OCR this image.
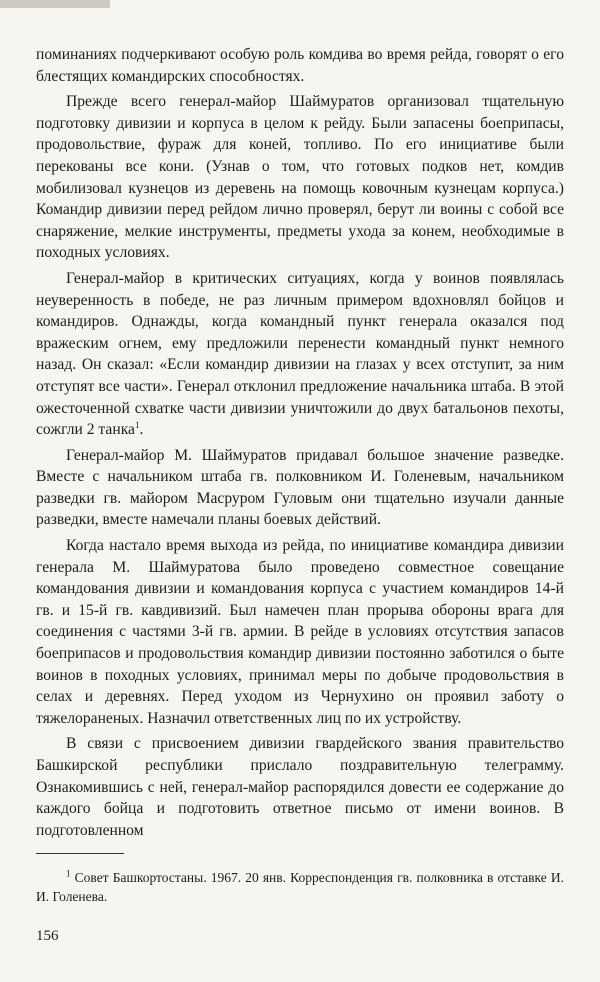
поминаниях подчеркивают особую роль комдива во время рейда, говорят о его блестящих командирских способностях.

Прежде всего генерал-майор Шаймуратов организовал тщательную подготовку дивизии и корпуса в целом к рейду. Были запасены боеприпасы, продовольствие, фураж для коней, топливо. По его инициативе были перекованы все кони. (Узнав о том, что готовых подков нет, комдив мобилизовал кузнецов из деревень на помощь ковочным кузнецам корпуса.) Командир дивизии перед рейдом лично проверял, берут ли воины с собой все снаряжение, мелкие инструменты, предметы ухода за конем, необходимые в походных условиях.

Генерал-майор в критических ситуациях, когда у воинов появлялась неуверенность в победе, не раз личным примером вдохновлял бойцов и командиров. Однажды, когда командный пункт генерала оказался под вражеским огнем, ему предложили перенести командный пункт немного назад. Он сказал: «Если командир дивизии на глазах у всех отступит, за ним отступят все части». Генерал отклонил предложение начальника штаба. В этой ожесточенной схватке части дивизии уничтожили до двух батальонов пехоты, сожгли 2 танка$^1$.

Генерал-майор М. Шаймуратов придавал большое значение разведке. Вместе с начальником штаба гв. полковником И. Голеневым, начальником разведки гв. майором Масруром Гуловым они тщательно изучали данные разведки, вместе намечали планы боевых действий.

Когда настало время выхода из рейда, по инициативе командира дивизии генерала М. Шаймуратова было проведено совместное совещание командования дивизии и командования корпуса с участием командиров 14-й гв. и 15-й гв. кавдивизий. Был намечен план прорыва обороны врага для соединения с частями 3-й гв. армии. В рейде в условиях отсутствия запасов боеприпасов и продовольствия командир дивизии постоянно заботился о быте воинов в походных условиях, принимал меры по добыче продовольствия в селах и деревнях. Перед уходом из Чернухино он проявил заботу о тяжелораненых. Назначил ответственных лиц по их устройству.

В связи с присвоением дивизии гвардейского звания правительство Башкирской республики прислало поздравительную телеграмму. Ознакомившись с ней, генерал-майор распорядился довести ее содержание до каждого бойца и подготовить ответное письмо от имени воинов. В подготовленном

$^1$ Совет Башкортостаны. 1967. 20 янв. Корреспонденция гв. полковника в отставке И. И. Голенева.

156
